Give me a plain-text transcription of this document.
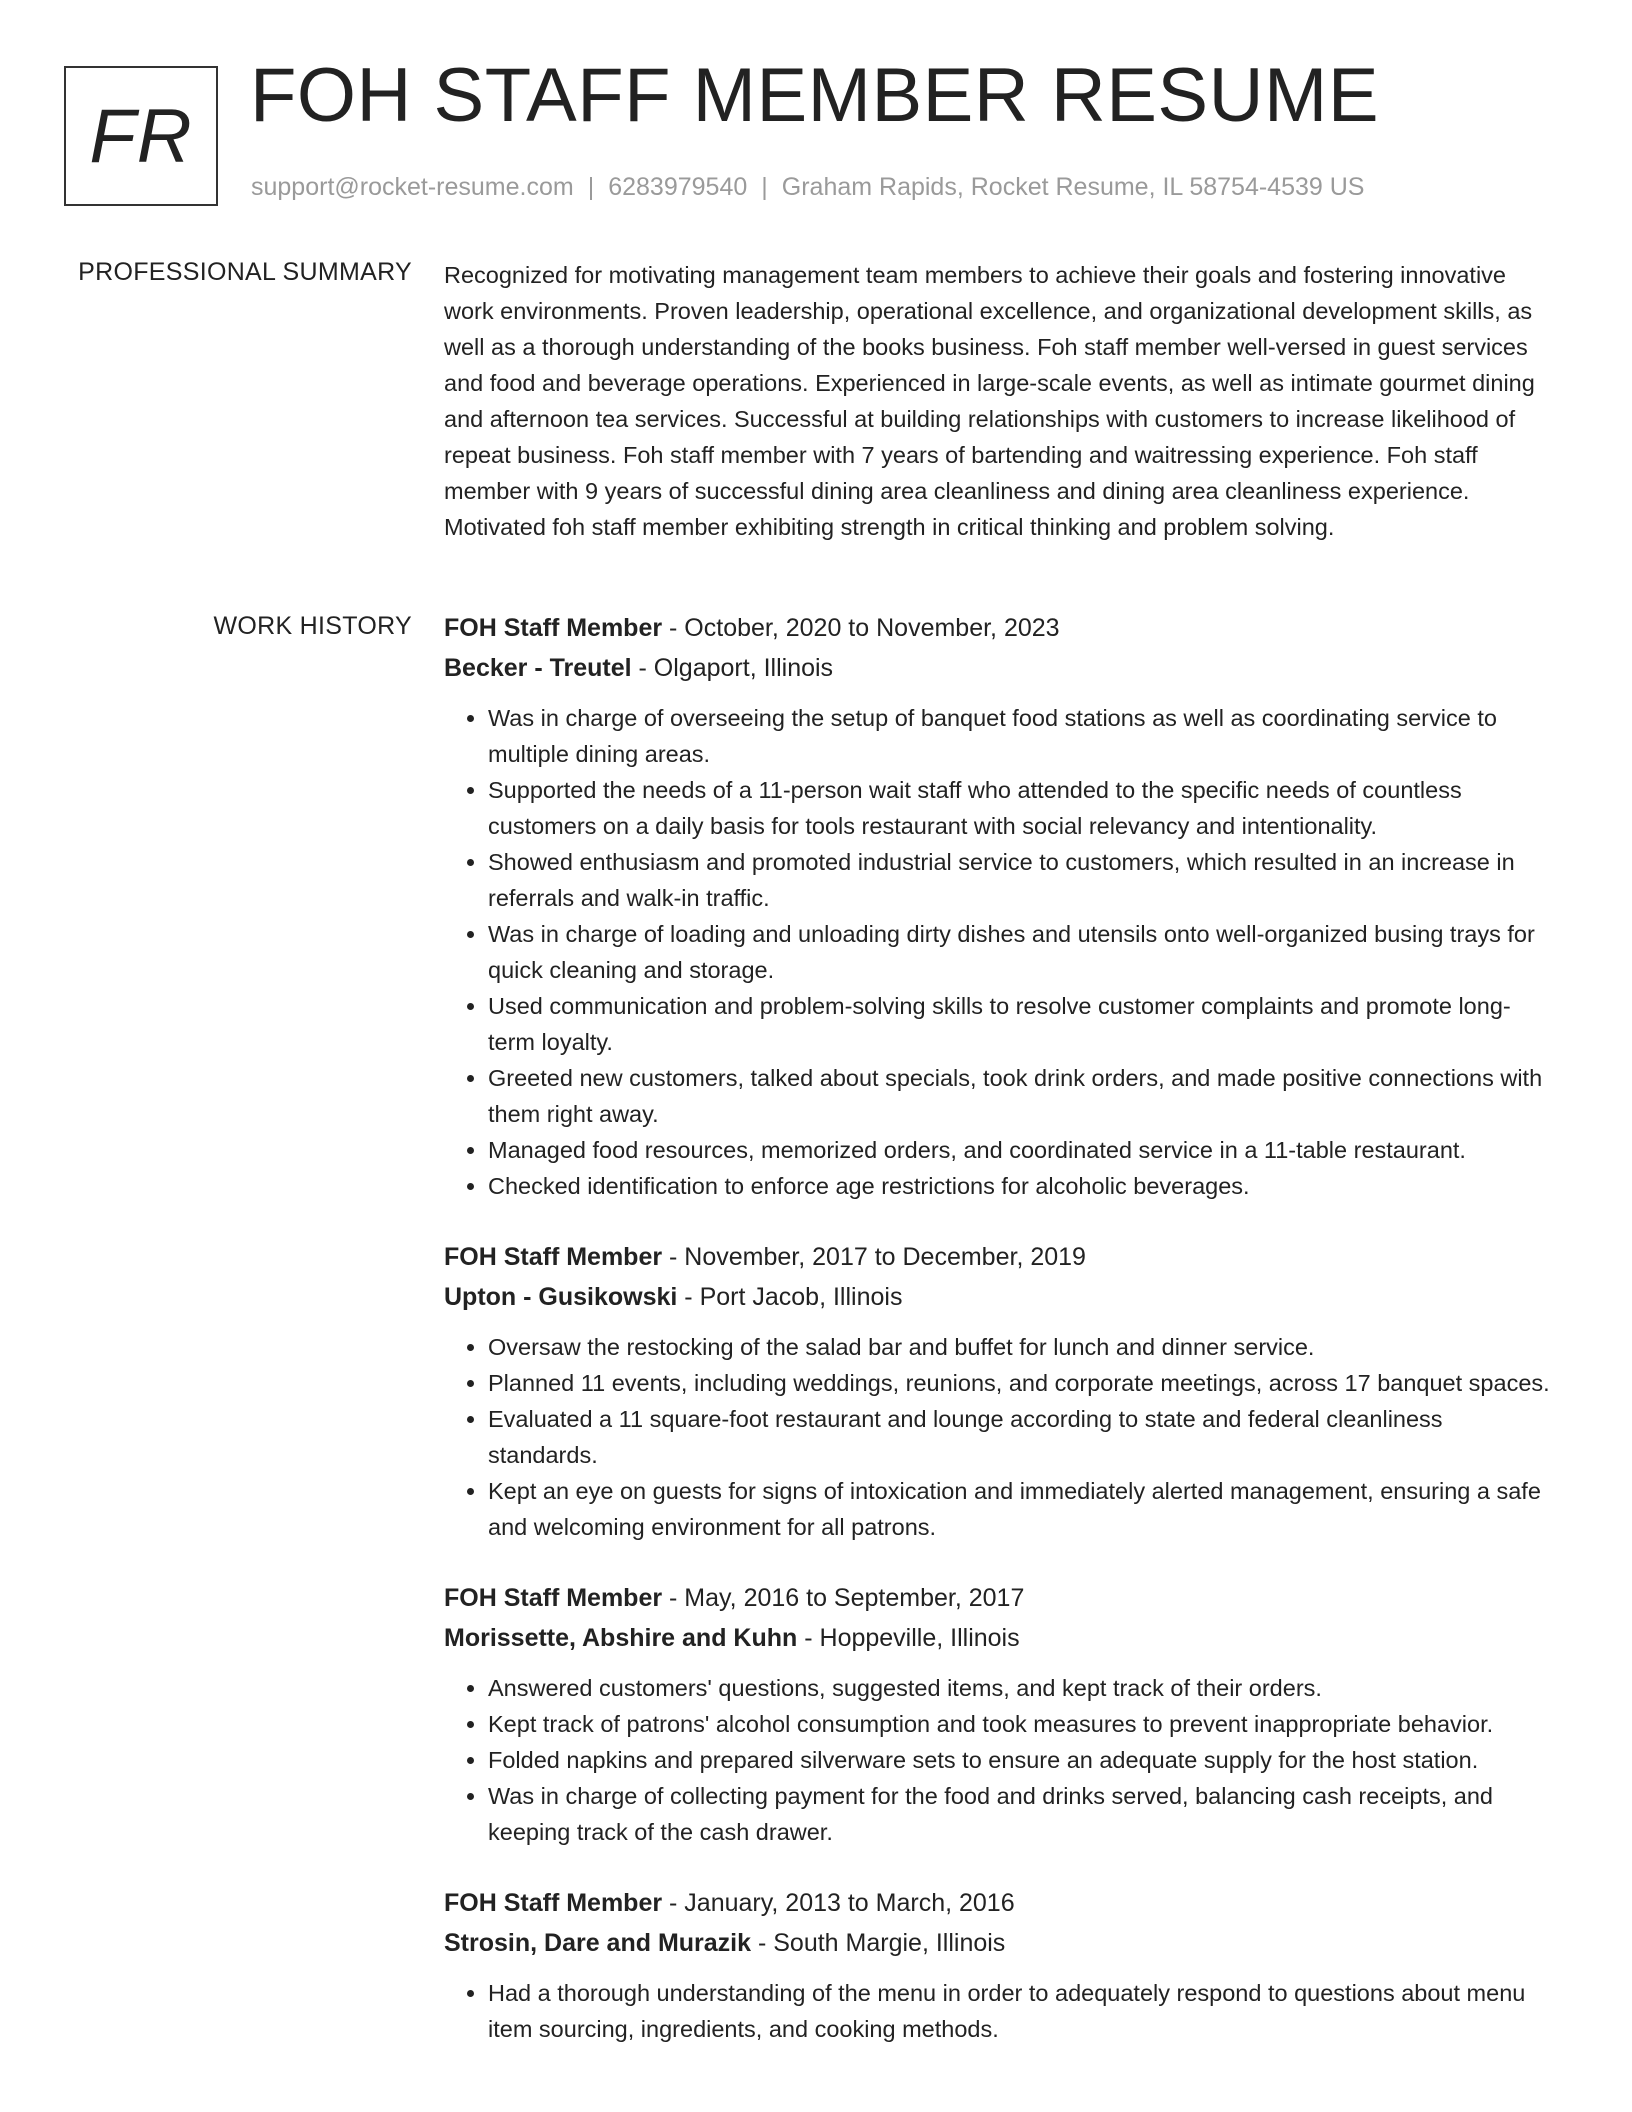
FR FOH STAFF MEMBER RESUME
support@rocket-resume.com | 6283979540 | Graham Rapids, Rocket Resume, IL 58754-4539 US
PROFESSIONAL SUMMARY Recognized for motivating management team members to achieve their goals and fostering innovative work environments. Proven leadership, operational excellence, and organizational development skills, as well as a thorough understanding of the books business. Foh staff member well-versed in guest services and food and beverage operations. Experienced in large-scale events, as well as intimate gourmet dining and afternoon tea services. Successful at building relationships with customers to increase likelihood of repeat business. Foh staff member with 7 years of bartending and waitressing experience. Foh staff member with 9 years of successful dining area cleanliness and dining area cleanliness experience. Motivated foh staff member exhibiting strength in critical thinking and problem solving.

WORK HISTORY FOH Staff Member - October, 2020 to November, 2023
Becker - Treutel - Olgaport, Illinois
• Was in charge of overseeing the setup of banquet food stations as well as coordinating service to multiple dining areas.
• Supported the needs of a 11-person wait staff who attended to the specific needs of countless customers on a daily basis for tools restaurant with social relevancy and intentionality.
• Showed enthusiasm and promoted industrial service to customers, which resulted in an increase in referrals and walk-in traffic.
• Was in charge of loading and unloading dirty dishes and utensils onto well-organized busing trays for quick cleaning and storage.
• Used communication and problem-solving skills to resolve customer complaints and promote long-term loyalty.
• Greeted new customers, talked about specials, took drink orders, and made positive connections with them right away.
• Managed food resources, memorized orders, and coordinated service in a 11-table restaurant.
• Checked identification to enforce age restrictions for alcoholic beverages.
FOH Staff Member - November, 2017 to December, 2019
Upton - Gusikowski - Port Jacob, Illinois
• Oversaw the restocking of the salad bar and buffet for lunch and dinner service.
• Planned 11 events, including weddings, reunions, and corporate meetings, across 17 banquet spaces.
• Evaluated a 11 square-foot restaurant and lounge according to state and federal cleanliness standards.
• Kept an eye on guests for signs of intoxication and immediately alerted management, ensuring a safe and welcoming environment for all patrons.
FOH Staff Member - May, 2016 to September, 2017
Morissette, Abshire and Kuhn - Hoppeville, Illinois
• Answered customers' questions, suggested items, and kept track of their orders.
• Kept track of patrons' alcohol consumption and took measures to prevent inappropriate behavior.
• Folded napkins and prepared silverware sets to ensure an adequate supply for the host station.
• Was in charge of collecting payment for the food and drinks served, balancing cash receipts, and keeping track of the cash drawer.
FOH Staff Member - January, 2013 to March, 2016
Strosin, Dare and Murazik - South Margie, Illinois
• Had a thorough understanding of the menu in order to adequately respond to questions about menu item sourcing, ingredients, and cooking methods.
